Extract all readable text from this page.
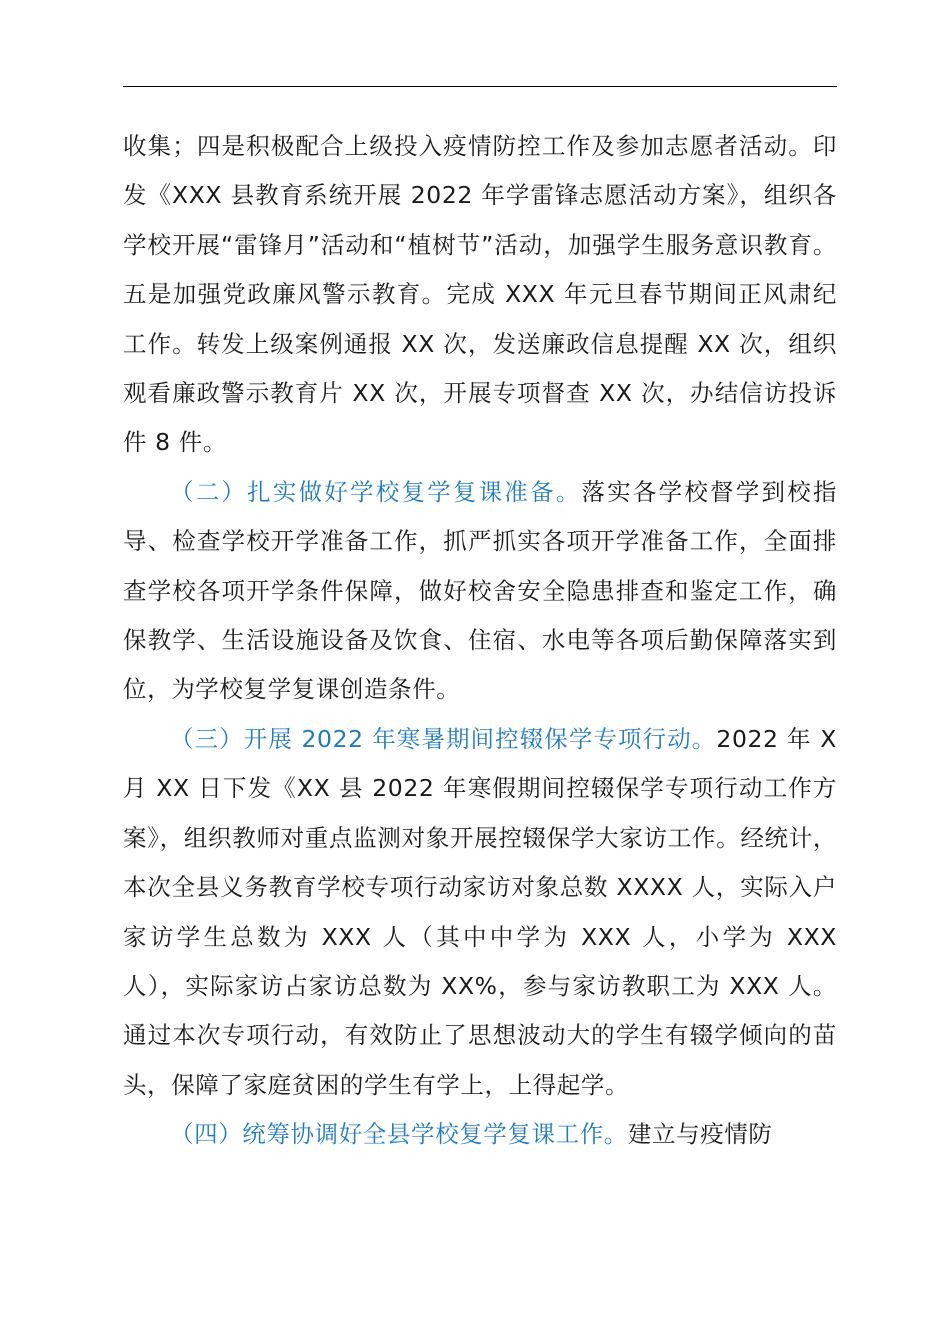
收集；四是积极配合上级投入疫情防控工作及参加志愿者活动。印发《XXX 县教育系统开展 2022 年学雷锋志愿活动方案》，组织各学校开展“雷锋月”活动和“植树节”活动，加强学生服务意识教育。五是加强党政廉风警示教育。完成 XXX 年元旦春节期间正风肃纪工作。转发上级案例通报 XX 次，发送廉政信息提醒 XX 次，组织观看廉政警示教育片 XX 次，开展专项督查 XX 次，办结信访投诉件 8 件。

（二）扎实做好学校复学复课准备。落实各学校督学到校指导、检查学校开学准备工作，抓严抓实各项开学准备工作，全面排查学校各项开学条件保障，做好校舍安全隐患排查和鉴定工作，确保教学、生活设施设备及饮食、住宿、水电等各项后勤保障落实到位，为学校复学复课创造条件。

（三）开展 2022 年寒暑期间控辍保学专项行动。2022 年 X 月 XX 日下发《XX 县 2022 年寒假期间控辍保学专项行动工作方案》，组织教师对重点监测对象开展控辍保学大家访工作。经统计，本次全县义务教育学校专项行动家访对象总数 XXXX 人，实际入户家访学生总数为 XXX 人（其中中学为 XXX 人，小学为 XXX 人），实际家访占家访总数为 XX%，参与家访教职工为 XXX 人。通过本次专项行动，有效防止了思想波动大的学生有辍学倾向的苗头，保障了家庭贫困的学生有学上，上得起学。

（四）统筹协调好全县学校复学复课工作。建立与疫情防
